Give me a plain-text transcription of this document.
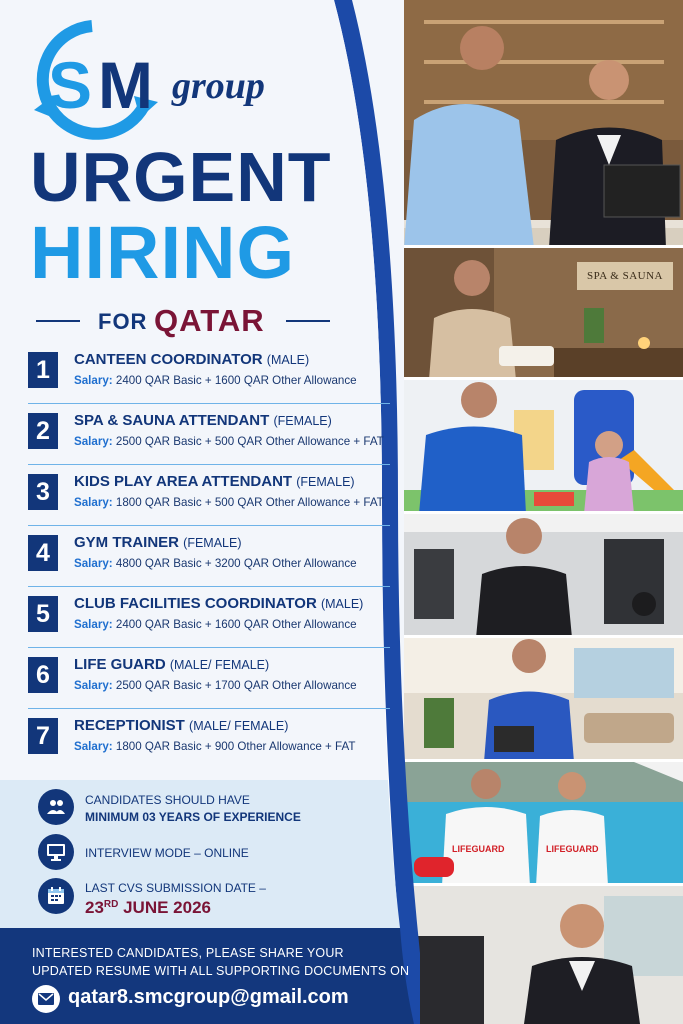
SPA & SAUNA
LIFEGUARD	LIFEGUARD
S M group
URGENT
HIRING
FOR QATAR
1	CANTEEN COORDINATOR (MALE)
Salary: 2400 QAR Basic + 1600 QAR Other Allowance
2	SPA & SAUNA ATTENDANT (FEMALE)
Salary: 2500 QAR Basic + 500 QAR Other Allowance + FAT
3	KIDS PLAY AREA ATTENDANT (FEMALE)
Salary: 1800 QAR Basic + 500 QAR Other Allowance + FAT
4	GYM TRAINER (FEMALE)
Salary: 4800 QAR Basic + 3200 QAR Other Allowance
5	CLUB FACILITIES COORDINATOR (MALE)
Salary: 2400 QAR Basic + 1600 QAR Other Allowance
6	LIFE GUARD (MALE/ FEMALE)
Salary: 2500 QAR Basic + 1700 QAR Other Allowance
7	RECEPTIONIST (MALE/ FEMALE)
Salary: 1800 QAR Basic + 900 Other Allowance + FAT
CANDIDATES SHOULD HAVE
MINIMUM 03 YEARS OF EXPERIENCE
INTERVIEW MODE – ONLINE
LAST CVS SUBMISSION DATE –
23RD JUNE 2026
INTERESTED CANDIDATES, PLEASE SHARE YOUR
UPDATED RESUME WITH ALL SUPPORTING DOCUMENTS ON
qatar8.smcgroup@gmail.com
